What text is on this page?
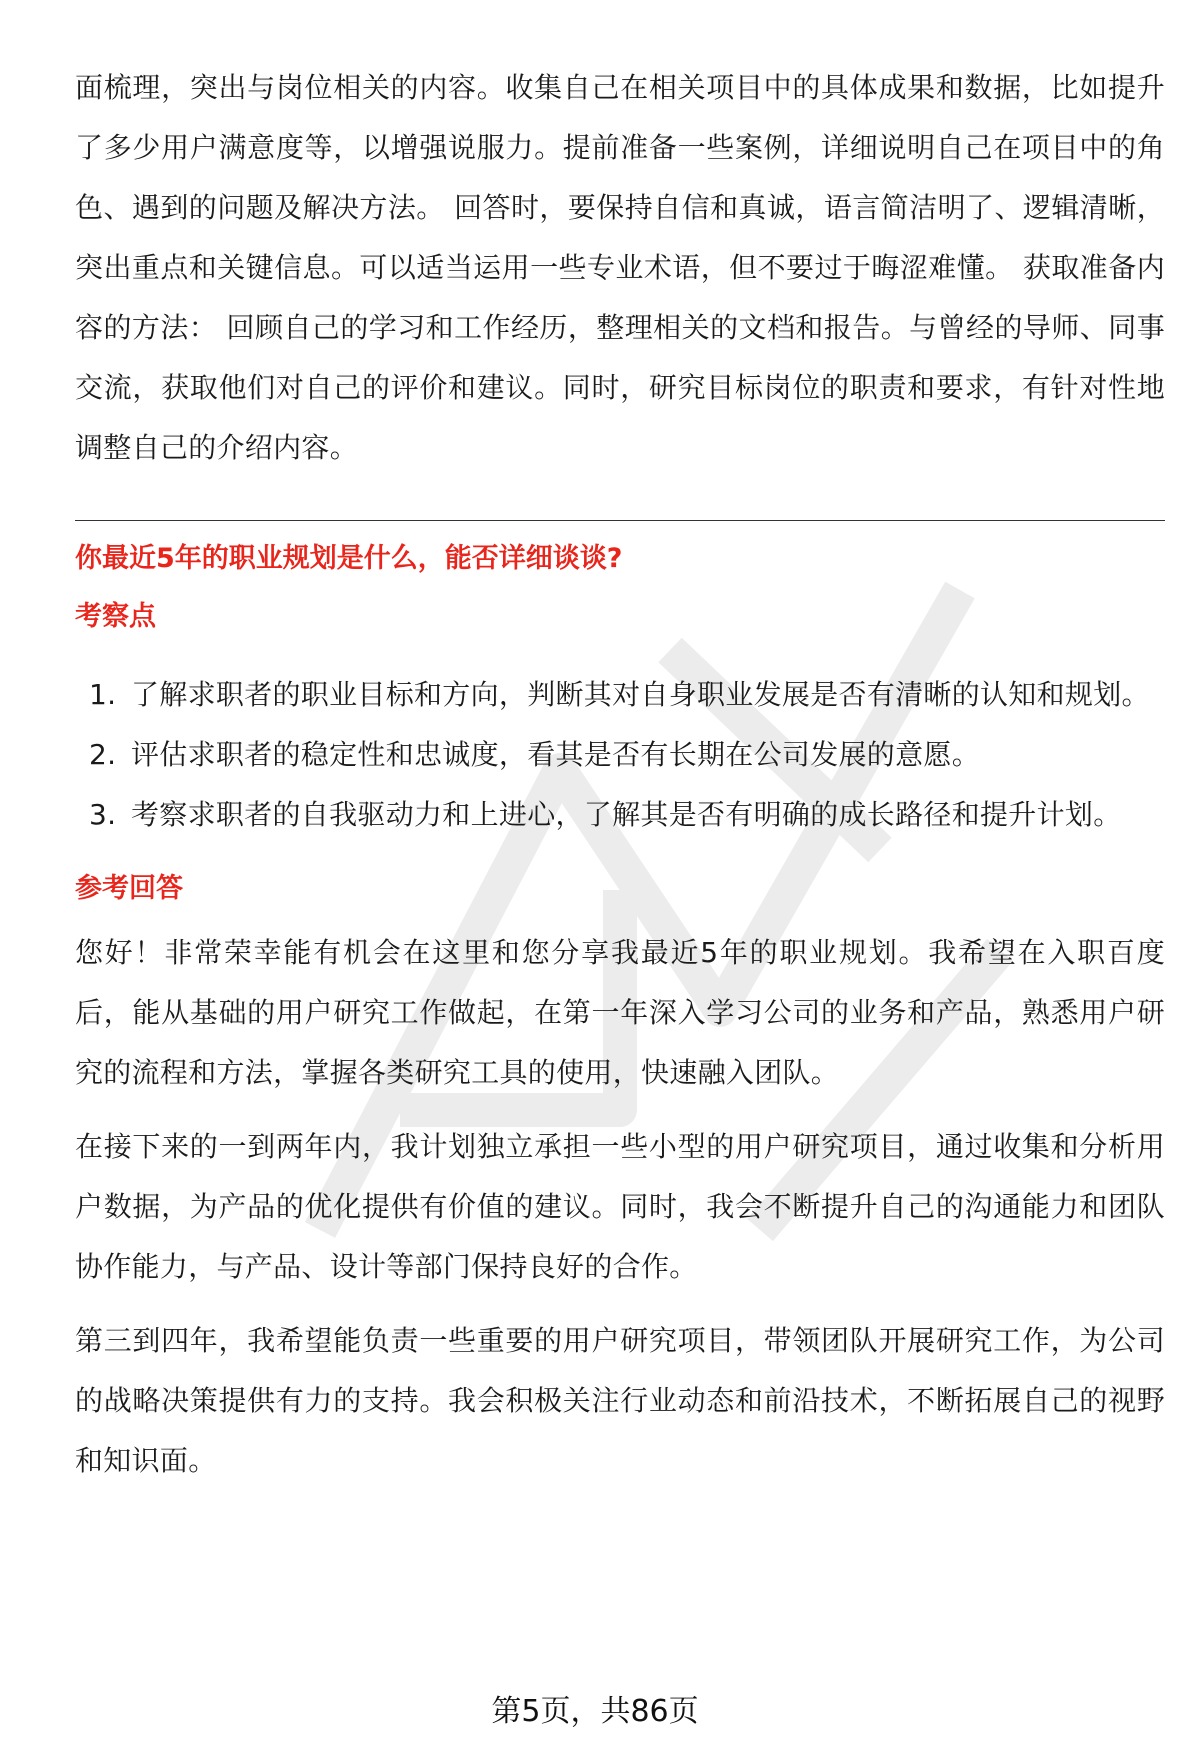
面梳理，突出与岗位相关的内容。收集自己在相关项目中的具体成果和数据，比如提升了多少用户满意度等，以增强说服力。提前准备一些案例，详细说明自己在项目中的角色、遇到的问题及解决方法。 回答时，要保持自信和真诚，语言简洁明了、逻辑清晰，突出重点和关键信息。可以适当运用一些专业术语，但不要过于晦涩难懂。 获取准备内容的方法： 回顾自己的学习和工作经历，整理相关的文档和报告。与曾经的导师、同事交流，获取他们对自己的评价和建议。同时，研究目标岗位的职责和要求，有针对性地调整自己的介绍内容。

你最近5年的职业规划是什么，能否详细谈谈?
考察点
1. 了解求职者的职业目标和方向，判断其对自身职业发展是否有清晰的认知和规划。
2. 评估求职者的稳定性和忠诚度，看其是否有长期在公司发展的意愿。
3. 考察求职者的自我驱动力和上进心，了解其是否有明确的成长路径和提升计划。
参考回答

您好！非常荣幸能有机会在这里和您分享我最近5年的职业规划。我希望在入职百度后，能从基础的用户研究工作做起，在第一年深入学习公司的业务和产品，熟悉用户研究的流程和方法，掌握各类研究工具的使用，快速融入团队。

在接下来的一到两年内，我计划独立承担一些小型的用户研究项目，通过收集和分析用户数据，为产品的优化提供有价值的建议。同时，我会不断提升自己的沟通能力和团队协作能力，与产品、设计等部门保持良好的合作。

第三到四年，我希望能负责一些重要的用户研究项目，带领团队开展研究工作，为公司的战略决策提供有力的支持。我会积极关注行业动态和前沿技术，不断拓展自己的视野和知识面。

第5页，共86页
